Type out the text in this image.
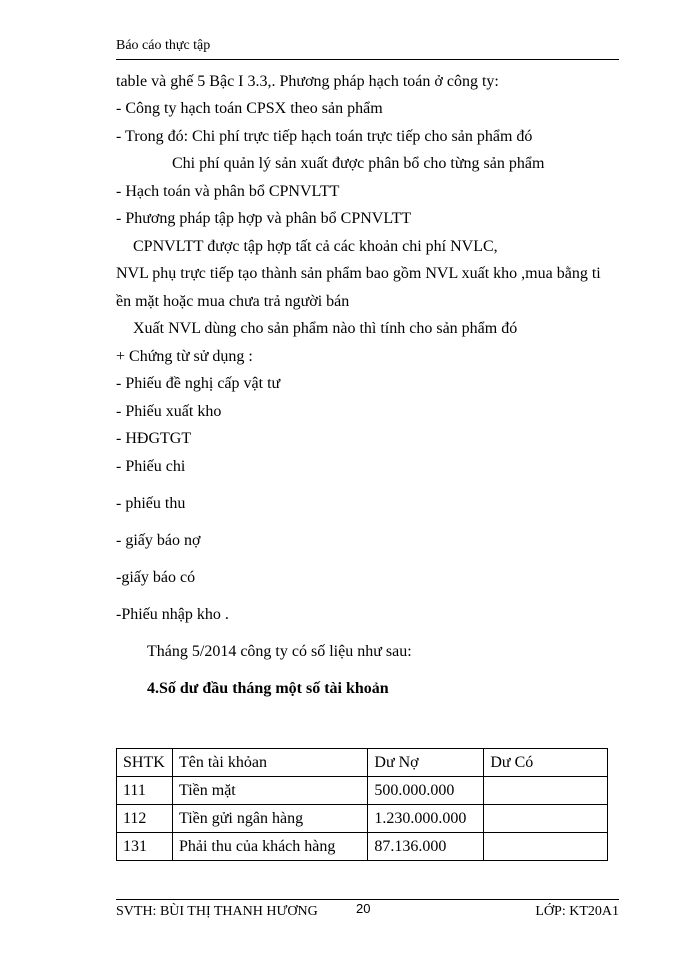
Báo cáo thực tập
table và ghế 5 Bậc I 3.3,. Phương pháp hạch toán ở công ty:
- Công ty hạch toán CPSX theo sản phẩm
- Trong đó: Chi phí trực tiếp hạch toán trực tiếp cho sản phẩm đó
Chi phí quản lý sản xuất được phân bổ cho từng sản phẩm
- Hạch toán và phân bổ CPNVLTT
- Phương pháp tập hợp và phân bổ CPNVLTT
CPNVLTT được tập hợp tất cả các khoản chi phí NVLC,
NVL phụ trực tiếp tạo thành sản phẩm bao gồm NVL xuất kho ,mua bằng ti
ền mặt hoặc mua chưa trả người bán
Xuất NVL dùng cho sản phẩm nào thì tính cho sản phẩm đó
+ Chứng từ sử dụng :
- Phiếu đề nghị cấp vật tư
- Phiếu xuất kho
- HĐGTGT
- Phiếu chi
- phiếu thu
- giấy báo nợ
-giấy báo có
-Phiếu nhập kho .
Tháng 5/2014 công ty có số liệu như sau:
4.Số dư đầu tháng một số tài khoản
SHTK	Tên tài khỏan	Dư Nợ	Dư Có
111	Tiền mặt	500.000.000	
112	Tiền gửi ngân hàng	1.230.000.000	
131	Phải thu của khách hàng	87.136.000	
SVTH: BÙI THỊ THANH HƯƠNG	20	LỚP: KT20A1
